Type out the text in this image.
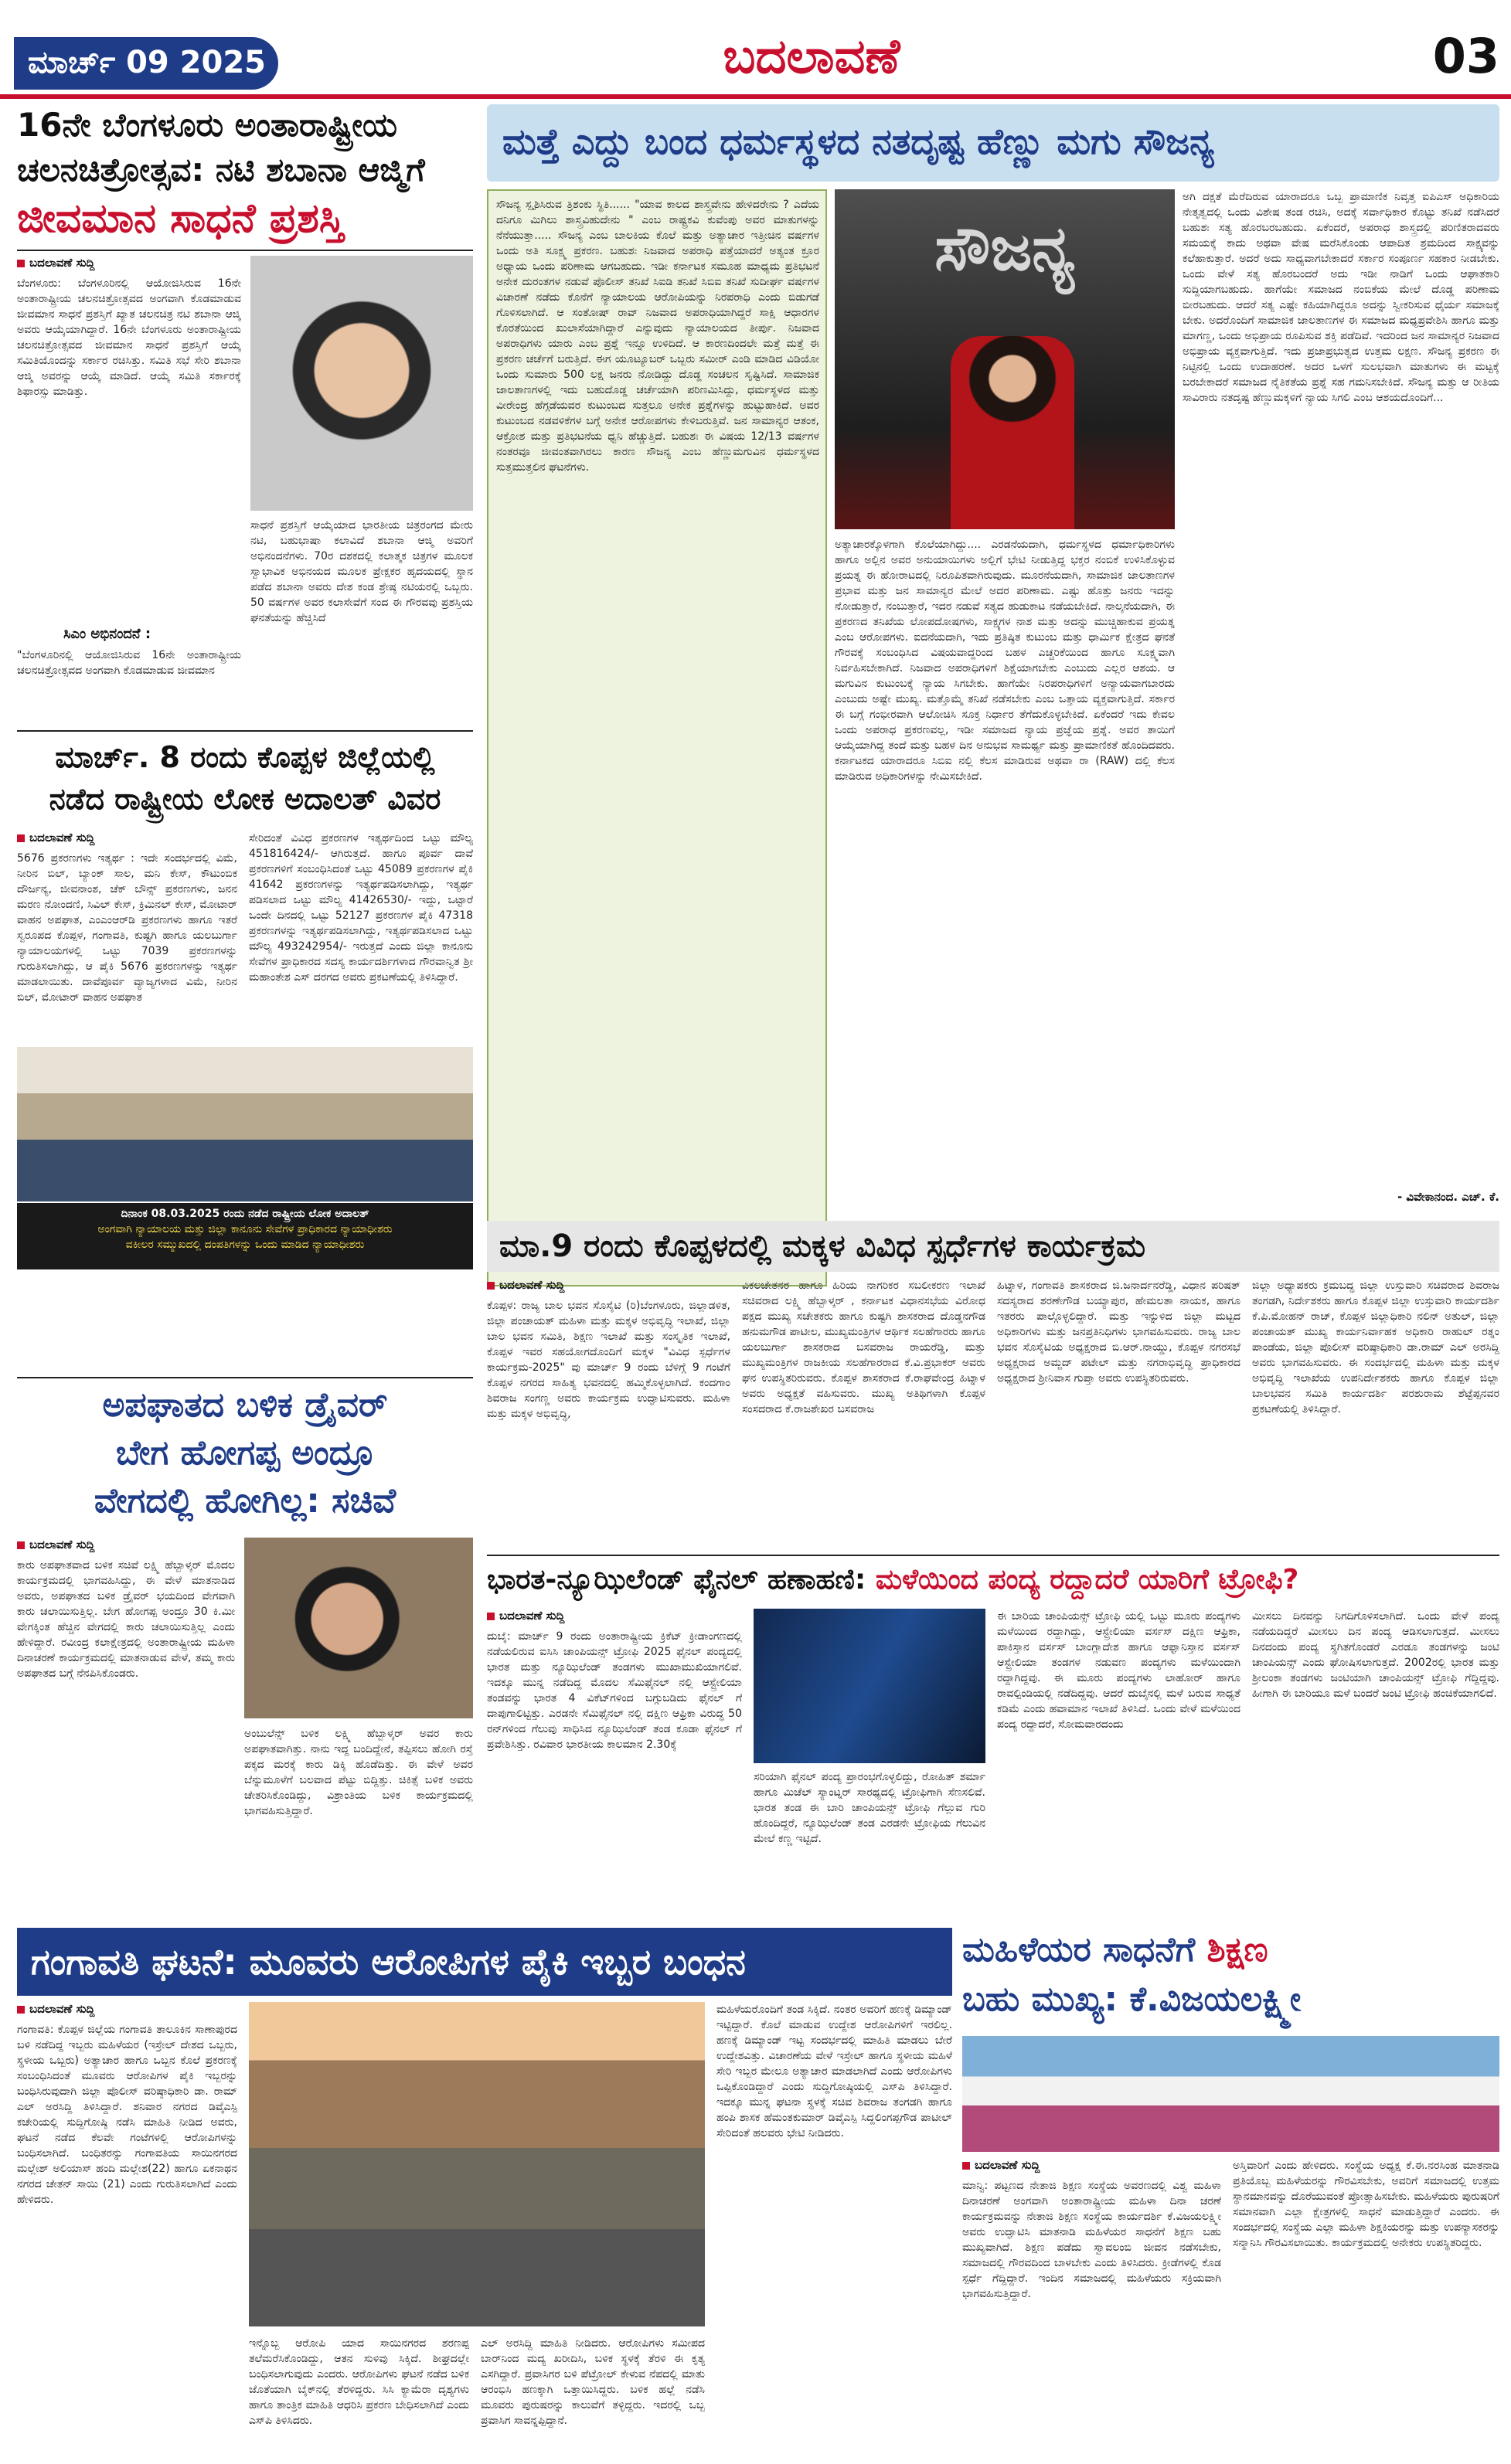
ಮಾರ್ಚ್ 09 2025	ಬದಲಾವಣೆ	03
16ನೇ ಬೆಂಗಳೂರು ಅಂತಾರಾಷ್ಟ್ರೀಯ
ಚಲನಚಿತ್ರೋತ್ಸವ: ನಟಿ ಶಬಾನಾ ಆಜ್ಮಿಗೆ
ಜೀವಮಾನ ಸಾಧನೆ ಪ್ರಶಸ್ತಿ
ಬದಲಾವಣೆ ಸುದ್ದಿ
ಬೆಂಗಳೂರು: ಬೆಂಗಳೂರಿನಲ್ಲಿ ಆಯೋಜಿಸಿರುವ 16ನೇ ಅಂತಾರಾಷ್ಟ್ರೀಯ ಚಲನಚಿತ್ರೋತ್ಸವದ ಅಂಗವಾಗಿ ಕೊಡಮಾಡುವ ಜೀವಮಾನ ಸಾಧನೆ ಪ್ರಶಸ್ತಿಗೆ ಖ್ಯಾತ ಚಲನಚಿತ್ರ ನಟಿ ಶಬಾನಾ ಆಜ್ಮಿ ಅವರು ಆಯ್ಕೆಯಾಗಿದ್ದಾರೆ. 16ನೇ ಬೆಂಗಳೂರು ಅಂತಾರಾಷ್ಟ್ರೀಯ ಚಲನಚಿತ್ರೋತ್ಸವದ ಜೀವಮಾನ ಸಾಧನೆ ಪ್ರಶಸ್ತಿಗೆ ಆಯ್ಕೆ ಸಮಿತಿಯೊಂದನ್ನು ಸರ್ಕಾರ ರಚಿಸಿತ್ತು. ಸಮಿತಿ ಸಭೆ ಸೇರಿ ಶಬಾನಾ ಆಜ್ಮಿ ಅವರನ್ನು ಆಯ್ಕೆ ಮಾಡಿದೆ. ಆಯ್ಕೆ ಸಮಿತಿ ಸರ್ಕಾರಕ್ಕೆ ಶಿಫಾರಸ್ಸು ಮಾಡಿತ್ತು.
ಸಾಧನೆ ಪ್ರಶಸ್ತಿಗೆ ಆಯ್ಕೆಯಾದ ಭಾರತೀಯ ಚಿತ್ರರಂಗದ ಮೇರು ನಟಿ, ಬಹುಭಾಷಾ ಕಲಾವಿದೆ ಶಬಾನಾ ಆಜ್ಮಿ ಅವರಿಗೆ ಅಭಿನಂದನೆಗಳು. 70ರ ದಶಕದಲ್ಲಿ ಕಲಾತ್ಮಕ ಚಿತ್ರಗಳ ಮೂಲಕ ಸ್ವಾಭಾವಿಕ ಅಭಿನಯದ ಮೂಲಕ ಪ್ರೇಕ್ಷಕರ ಹೃದಯದಲ್ಲಿ ಸ್ಥಾನ ಪಡೆದ ಶಬಾನಾ ಅವರು ದೇಶ ಕಂಡ ಶ್ರೇಷ್ಠ ನಟಿಯರಲ್ಲಿ ಒಬ್ಬರು. 50 ವರ್ಷಗಳ ಅವರ ಕಲಾಸೇವೆಗೆ ಸಂದ ಈ ಗೌರವವು ಪ್ರಶಸ್ತಿಯ ಘನತೆಯನ್ನು ಹೆಚ್ಚಿಸಿದೆ
ಸಿಎಂ ಅಭಿನಂದನೆ :
"ಬೆಂಗಳೂರಿನಲ್ಲಿ ಆಯೋಜಿಸಿರುವ 16ನೇ ಅಂತಾರಾಷ್ಟ್ರೀಯ ಚಲನಚಿತ್ರೋತ್ಸವದ ಅಂಗವಾಗಿ ಕೊಡಮಾಡುವ ಜೀವಮಾನ
ಮಾರ್ಚ್. 8 ರಂದು ಕೊಪ್ಪಳ ಜಿಲ್ಲೆಯಲ್ಲಿ
ನಡೆದ ರಾಷ್ಟ್ರೀಯ ಲೋಕ ಅದಾಲತ್ ವಿವರ
ಬದಲಾವಣೆ ಸುದ್ದಿ
5676 ಪ್ರಕರಣಗಳು ಇತ್ಯರ್ಥ : ಇದೇ ಸಂದರ್ಭದಲ್ಲಿ ವಿಮೆ, ನೀರಿನ ಬಿಲ್, ಬ್ಯಾಂಕ್ ಸಾಲ, ಮನಿ ಕೇಸ್, ಕೌಟುಂಬಿಕ ದೌರ್ಜನ್ಯ, ಜೀವನಾಂಶ, ಚೆಕ್ ಬೌನ್ಸ್ ಪ್ರಕರಣಗಳು, ಜನನ ಮರಣ ನೋಂದಣಿ, ಸಿವಿಲ್ ಕೇಸ್, ಕ್ರಿಮಿನಲ್ ಕೇಸ್, ಮೋಟಾರ್ ವಾಹನ ಅಪಘಾತ, ಎಂಎಂಆರ್‌ಡಿ ಪ್ರಕರಣಗಳು ಹಾಗೂ ಇತರೆ ಸ್ವರೂಪದ ಕೊಪ್ಪಳ, ಗಂಗಾವತಿ, ಕುಷ್ಟಗಿ ಹಾಗೂ ಯಲಬುರ್ಗಾ ನ್ಯಾಯಾಲಯಗಳಲ್ಲಿ ಒಟ್ಟು 7039 ಪ್ರಕರಣಗಳನ್ನು ಗುರುತಿಸಲಾಗಿದ್ದು, ಆ ಪೈಕಿ 5676 ಪ್ರಕರಣಗಳನ್ನು ಇತ್ಯರ್ಥ ಮಾಡಲಾಯಿತು. ದಾವೆಪೂರ್ವ ವ್ಯಾಜ್ಯಗಳಾದ ವಿಮೆ, ನೀರಿನ ಬಿಲ್, ಮೋಟಾರ್ ವಾಹನ ಅಪಘಾತ
ಸೇರಿದಂತೆ ವಿವಿಧ ಪ್ರಕರಣಗಳ ಇತ್ಯರ್ಥದಿಂದ ಒಟ್ಟು ಮೌಲ್ಯ 451816424/- ಆಗಿರುತ್ತದೆ. ಹಾಗೂ ಪೂರ್ವ ದಾವೆ ಪ್ರಕರಣಗಳಿಗೆ ಸಂಬಂಧಿಸಿದಂತೆ ಒಟ್ಟು 45089 ಪ್ರಕರಣಗಳ ಪೈಕಿ 41642 ಪ್ರಕರಣಗಳನ್ನು ಇತ್ಯರ್ಥಪಡಿಸಲಾಗಿದ್ದು, ಇತ್ಯರ್ಥ ಪಡಿಸಲಾದ ಒಟ್ಟು ಮೌಲ್ಯ 41426530/- ಇದ್ದು, ಒಟ್ಟಾರೆ ಒಂದೇ ದಿನದಲ್ಲಿ ಒಟ್ಟು 52127 ಪ್ರಕರಣಗಳ ಪೈಕಿ 47318 ಪ್ರಕರಣಗಳನ್ನು ಇತ್ಯರ್ಥಪಡಿಸಲಾಗಿದ್ದು, ಇತ್ಯರ್ಥಪಡಿಸಲಾದ ಒಟ್ಟು ಮೌಲ್ಯ 493242954/- ಇರುತ್ತದೆ ಎಂದು ಜಿಲ್ಲಾ ಕಾನೂನು ಸೇವೆಗಳ ಪ್ರಾಧಿಕಾರದ ಸದಸ್ಯ ಕಾರ್ಯದರ್ಶಿಗಳಾದ ಗೌರವಾನ್ವಿತ ಶ್ರೀ ಮಹಾಂತೇಶ ಎಸ್ ದರಗದ ಅವರು ಪ್ರಕಟಣೆಯಲ್ಲಿ ತಿಳಿಸಿದ್ದಾರೆ.
ದಿನಾಂಕ 08.03.2025 ರಂದು ನಡೆದ ರಾಷ್ಟ್ರೀಯ ಲೋಕ ಅದಾಲತ್
ಅಂಗವಾಗಿ ನ್ಯಾಯಾಲಯ ಮತ್ತು ಜಿಲ್ಲಾ ಕಾನೂನು ಸೇವೆಗಳ ಪ್ರಾಧಿಕಾರದ ನ್ಯಾಯಾಧೀಶರು
ವಕೀಲರ ಸಮ್ಮುಖದಲ್ಲಿ ದಂಪತಿಗಳನ್ನು ಒಂದು ಮಾಡಿದ ನ್ಯಾಯಾಧೀಶರು
ಅಪಘಾತದ ಬಳಿಕ ಡ್ರೈವರ್
ಬೇಗ ಹೋಗಪ್ಪ ಅಂದ್ರೂ
ವೇಗದಲ್ಲಿ ಹೋಗಿಲ್ಲ: ಸಚಿವೆ
ಬದಲಾವಣೆ ಸುದ್ದಿ
ಕಾರು ಅಪಘಾತವಾದ ಬಳಿಕ ಸಚಿವೆ ಲಕ್ಷ್ಮಿ ಹೆಬ್ಬಾಳ್ಕರ್ ಮೊದಲ ಕಾರ್ಯಕ್ರಮದಲ್ಲಿ ಭಾಗವಹಿಸಿದ್ದು, ಈ ವೇಳೆ ಮಾತನಾಡಿದ ಅವರು, ಅಪಘಾತದ ಬಳಿಕ ಡ್ರೈವರ್ ಭಯದಿಂದ ವೇಗವಾಗಿ ಕಾರು ಚಲಾಯಿಸುತ್ತಿಲ್ಲ. ಬೇಗ ಹೋಗಪ್ಪ ಅಂದ್ರೂ 30 ಕಿ.ಮೀ ವೇಗಕ್ಕಿಂತ ಹೆಚ್ಚಿನ ವೇಗದಲ್ಲಿ ಕಾರು ಚಲಾಯಿಸುತ್ತಿಲ್ಲ ಎಂದು ಹೇಳಿದ್ದಾರೆ. ರವೀಂದ್ರ ಕಲಾಕ್ಷೇತ್ರದಲ್ಲಿ ಅಂತಾರಾಷ್ಟ್ರೀಯ ಮಹಿಳಾ ದಿನಾಚರಣೆ ಕಾರ್ಯಕ್ರಮದಲ್ಲಿ ಮಾತನಾಡುವ ವೇಳೆ, ತಮ್ಮ ಕಾರು ಅಪಘಾತದ ಬಗ್ಗೆ ನೆನಪಿಸಿಕೊಂಡರು.
ಅಂಬುಲೆನ್ಸ್ ಬಳಿಕ ಲಕ್ಷ್ಮಿ ಹೆಬ್ಬಾಳ್ಕರ್ ಅವರ ಕಾರು ಅಪಘಾತವಾಗಿತ್ತು. ನಾನು ಇದ್ದ ಬಂದಿದ್ದೇನೆ, ತಪ್ಪಿಸಲು ಹೋಗಿ ರಸ್ತೆ ಪಕ್ಕದ ಮರಕ್ಕೆ ಕಾರು ಡಿಕ್ಕಿ ಹೊಡೆದಿತ್ತು. ಈ ವೇಳೆ ಅವರ ಬೆನ್ನುಮೂಳೆಗೆ ಬಲವಾದ ಪೆಟ್ಟು ಬಿದ್ದಿತ್ತು. ಚಿಕಿತ್ಸೆ ಬಳಿಕ ಅವರು ಚೇತರಿಸಿಕೊಂಡಿದ್ದು, ವಿಶ್ರಾಂತಿಯ ಬಳಿಕ ಕಾರ್ಯಕ್ರಮದಲ್ಲಿ ಭಾಗವಹಿಸುತ್ತಿದ್ದಾರೆ.
ಮತ್ತೆ ಎದ್ದು ಬಂದ ಧರ್ಮಸ್ಥಳದ ನತದೃಷ್ಟ ಹೆಣ್ಣು ಮಗು ಸೌಜನ್ಯ
ಸೌಜನ್ಯ ಸ್ಪೃಶಿಸಿರುವ ತ್ರಿಶಂಕು ಸ್ಥಿತಿ...... "ಯಾವ ಕಾಲದ ಶಾಸ್ತ್ರವೇನು ಹೇಳಿದರೇನು ? ಎದೆಯ ದನಿಗೂ ಮಿಗಿಲು ಶಾಸ್ತ್ರವಿಹುದೇನು " ಎಂಬ ರಾಷ್ಟ್ರಕವಿ ಕುವೆಂಪು ಅವರ ಮಾತುಗಳನ್ನು ನೆನೆಯುತ್ತಾ..... ಸೌಜನ್ಯ ಎಂಬ ಬಾಲಕಿಯ ಕೊಲೆ ಮತ್ತು ಅತ್ಯಾಚಾರ ಇತ್ತೀಚಿನ ವರ್ಷಗಳ ಒಂದು ಅತಿ ಸೂಕ್ಷ್ಮ ಪ್ರಕರಣ. ಬಹುಶಃ ನಿಜವಾದ ಅಪರಾಧಿ ಪತ್ತೆಯಾದರೆ ಅತ್ಯಂತ ಕ್ರೂರ ಅಧ್ಯಾಯ ಒಂದು ಪರಿಣಾಮ ಆಗಬಹುದು. ಇಡೀ ಕರ್ನಾಟಕ ಸಮೂಹ ಮಾಧ್ಯಮ ಪ್ರತಿಭಟನೆ ಅನೇಕ ದುರಂತಗಳ ನಡುವೆ ಪೊಲೀಸ್ ತನಿಖೆ ಸಿಐಡಿ ತನಿಖೆ ಸಿಬಿಐ ತನಿಖೆ ಸುದೀರ್ಘ ವರ್ಷಗಳ ವಿಚಾರಣೆ ನಡೆದು ಕೊನೆಗೆ ನ್ಯಾಯಾಲಯ ಆರೋಪಿಯನ್ನು ನಿರಪರಾಧಿ ಎಂದು ಬಿಡುಗಡೆ ಗೊಳಿಸಲಾಗಿದೆ. ಆ ಸಂತೋಷ್ ರಾವ್ ನಿಜವಾದ ಅಪರಾಧಿಯಾಗಿದ್ದರೆ ಸಾಕ್ಷಿ ಆಧಾರಗಳ ಕೊರತೆಯಿಂದ ಖುಲಾಸೆಯಾಗಿದ್ದಾರೆ ಎನ್ನುವುದು ನ್ಯಾಯಾಲಯದ ತೀರ್ಪು. ನಿಜವಾದ ಅಪರಾಧಿಗಳು ಯಾರು ಎಂಬ ಪ್ರಶ್ನೆ ಇನ್ನೂ ಉಳಿದಿದೆ. ಆ ಕಾರಣದಿಂದಲೇ ಮತ್ತೆ ಮತ್ತೆ ಈ ಪ್ರಕರಣ ಚರ್ಚೆಗೆ ಬರುತ್ತಿದೆ. ಈಗ ಯೂಟ್ಯೂಬರ್ ಒಬ್ಬರು ಸಮೀರ್ ಎಂಡಿ ಮಾಡಿದ ವಿಡಿಯೋ ಒಂದು ಸುಮಾರು 500 ಲಕ್ಷ ಜನರು ನೋಡಿದ್ದು ದೊಡ್ಡ ಸಂಚಲನ ಸೃಷ್ಟಿಸಿದೆ. ಸಾಮಾಜಿಕ ಜಾಲತಾಣಗಳಲ್ಲಿ ಇದು ಬಹುದೊಡ್ಡ ಚರ್ಚೆಯಾಗಿ ಪರಿಣಮಿಸಿದ್ದು, ಧರ್ಮಸ್ಥಳದ ಮತ್ತು ವೀರೇಂದ್ರ ಹೆಗ್ಗಡೆಯವರ ಕುಟುಂಬದ ಸುತ್ತಲೂ ಅನೇಕ ಪ್ರಶ್ನೆಗಳನ್ನು ಹುಟ್ಟುಹಾಕಿದೆ. ಅವರ ಕುಟುಂಬದ ನಡವಳಿಕೆಗಳ ಬಗ್ಗೆ ಅನೇಕ ಆರೋಪಗಳು ಕೇಳಿಬರುತ್ತಿವೆ. ಜನ ಸಾಮಾನ್ಯರ ಆತಂಕ, ಆಕ್ರೋಶ ಮತ್ತು ಪ್ರತಿಭಟನೆಯ ಧ್ವನಿ ಹೆಚ್ಚುತ್ತಿದೆ. ಬಹುಶಃ ಈ ವಿಷಯ 12/13 ವರ್ಷಗಳ ನಂತರವೂ ಜೀವಂತವಾಗಿರಲು ಕಾರಣ ಸೌಜನ್ಯ ಎಂಬ ಹೆಣ್ಣುಮಗುವಿನ ಧರ್ಮಸ್ಥಳದ ಸುತ್ತಮುತ್ತಲಿನ ಘಟನೆಗಳು.
ಸೌಜನ್ಯ
ಅತ್ಯಾಚಾರಕ್ಕೊಳಗಾಗಿ ಕೊಲೆಯಾಗಿದ್ದು.... ಎರಡನೆಯದಾಗಿ, ಧರ್ಮಸ್ಥಳದ ಧರ್ಮಾಧಿಕಾರಿಗಳು ಹಾಗೂ ಅಲ್ಲಿನ ಅವರ ಅನುಯಾಯಿಗಳು ಅಲ್ಲಿಗೆ ಭೇಟಿ ನೀಡುತ್ತಿದ್ದ ಭಕ್ತರ ನಂಬಿಕೆ ಉಳಿಸಿಕೊಳ್ಳುವ ಪ್ರಯತ್ನ ಈ ಹೋರಾಟದಲ್ಲಿ ನಿರೂಪಿತವಾಗಿರುವುದು. ಮೂರನೆಯದಾಗಿ, ಸಾಮಾಜಿಕ ಜಾಲತಾಣಗಳ ಪ್ರಭಾವ ಮತ್ತು ಜನ ಸಾಮಾನ್ಯರ ಮೇಲೆ ಅದರ ಪರಿಣಾಮ. ಎಷ್ಟು ಹೊತ್ತು ಜನರು ಇದನ್ನು ನೋಡುತ್ತಾರೆ, ನಂಬುತ್ತಾರೆ, ಇದರ ನಡುವೆ ಸತ್ಯದ ಹುಡುಕಾಟ ನಡೆಯಬೇಕಿದೆ. ನಾಲ್ಕನೆಯದಾಗಿ, ಈ ಪ್ರಕರಣದ ತನಿಖೆಯ ಲೋಪದೋಷಗಳು, ಸಾಕ್ಷ್ಯಗಳ ನಾಶ ಮತ್ತು ಅದನ್ನು ಮುಚ್ಚಿಹಾಕುವ ಪ್ರಯತ್ನ ಎಂಬ ಆರೋಪಗಳು. ಐದನೆಯದಾಗಿ, ಇದು ಪ್ರತಿಷ್ಠಿತ ಕುಟುಂಬ ಮತ್ತು ಧಾರ್ಮಿಕ ಕ್ಷೇತ್ರದ ಘನತೆ ಗೌರವಕ್ಕೆ ಸಂಬಂಧಿಸಿದ ವಿಷಯವಾದ್ದರಿಂದ ಬಹಳ ಎಚ್ಚರಿಕೆಯಿಂದ ಹಾಗೂ ಸೂಕ್ಷ್ಮವಾಗಿ ನಿರ್ವಹಿಸಬೇಕಾಗಿದೆ. ನಿಜವಾದ ಅಪರಾಧಿಗಳಿಗೆ ಶಿಕ್ಷೆಯಾಗಬೇಕು ಎಂಬುದು ಎಲ್ಲರ ಆಶಯ. ಆ ಮಗುವಿನ ಕುಟುಂಬಕ್ಕೆ ನ್ಯಾಯ ಸಿಗಬೇಕು. ಹಾಗೆಯೇ ನಿರಪರಾಧಿಗಳಿಗೆ ಅನ್ಯಾಯವಾಗಬಾರದು ಎಂಬುದು ಅಷ್ಟೇ ಮುಖ್ಯ. ಮತ್ತೊಮ್ಮೆ ತನಿಖೆ ನಡೆಸಬೇಕು ಎಂಬ ಒತ್ತಾಯ ವ್ಯಕ್ತವಾಗುತ್ತಿದೆ. ಸರ್ಕಾರ ಈ ಬಗ್ಗೆ ಗಂಭೀರವಾಗಿ ಆಲೋಚಿಸಿ ಸೂಕ್ತ ನಿರ್ಧಾರ ತೆಗೆದುಕೊಳ್ಳಬೇಕಿದೆ. ಏಕೆಂದರೆ ಇದು ಕೇವಲ ಒಂದು ಅಪರಾಧ ಪ್ರಕರಣವಲ್ಲ, ಇಡೀ ಸಮಾಜದ ನ್ಯಾಯ ಪ್ರಜ್ಞೆಯ ಪ್ರಶ್ನೆ. ಅವರ ತಾಯಿಗೆ ಆಯ್ಕೆಯಾಗಿದ್ದ ತಂದೆ ಮತ್ತು ಬಹಳ ದಿನ ಅನುಭವ ಸಾಮರ್ಥ್ಯ ಮತ್ತು ಪ್ರಾಮಾಣಿಕತೆ ಹೊಂದಿದವರು. ಕರ್ನಾಟಕದ ಯಾರಾದರೂ ಸಿಬಿಐ ನಲ್ಲಿ ಕೆಲಸ ಮಾಡಿರುವ ಅಥವಾ ರಾ (RAW) ದಲ್ಲಿ ಕೆಲಸ ಮಾಡಿರುವ ಅಧಿಕಾರಿಗಳನ್ನು ನೇಮಿಸಬೇಕಿದೆ.
ಅಗಿ ದಕ್ಷತೆ ಮೆರೆದಿರುವ ಯಾರಾದರೂ ಒಬ್ಬ ಪ್ರಾಮಾಣಿಕ ನಿವೃತ್ತ ಐಪಿಎಸ್ ಅಧಿಕಾರಿಯ ನೇತೃತ್ವದಲ್ಲಿ ಒಂದು ವಿಶೇಷ ತಂಡ ರಚಿಸಿ, ಅದಕ್ಕೆ ಸರ್ವಾಧಿಕಾರ ಕೊಟ್ಟು ತನಿಖೆ ನಡೆಸಿದರೆ ಬಹುಶಃ ಸತ್ಯ ಹೊರಬರಬಹುದು. ಏಕೆಂದರೆ, ಅಪರಾಧ ಶಾಸ್ತ್ರದಲ್ಲಿ ಪರಿಣಿತರಾದವರು ಸಮಯಕ್ಕೆ ಕಾದು ಅಥವಾ ವೇಷ ಮರೆಸಿಕೊಂಡು ಆಪಾದಿತ ಶ್ರಮದಿಂದ ಸಾಕ್ಷ್ಯವನ್ನು ಕಲೆಹಾಕುತ್ತಾರೆ. ಅದರೆ ಅದು ಸಾಧ್ಯವಾಗಬೇಕಾದರೆ ಸರ್ಕಾರ ಸಂಪೂರ್ಣ ಸಹಕಾರ ನೀಡಬೇಕು. ಒಂದು ವೇಳೆ ಸತ್ಯ ಹೊರಬಂದರೆ ಅದು ಇಡೀ ನಾಡಿಗೆ ಒಂದು ಆಘಾತಕಾರಿ ಸುದ್ದಿಯಾಗಬಹುದು. ಹಾಗೆಯೇ ಸಮಾಜದ ನಂಬಿಕೆಯ ಮೇಲೆ ದೊಡ್ಡ ಪರಿಣಾಮ ಬೀರಬಹುದು. ಆದರೆ ಸತ್ಯ ಎಷ್ಟೇ ಕಹಿಯಾಗಿದ್ದರೂ ಅದನ್ನು ಸ್ವೀಕರಿಸುವ ಧೈರ್ಯ ಸಮಾಜಕ್ಕೆ ಬೇಕು. ಅದರೊಂದಿಗೆ ಸಾಮಾಜಿಕ ಜಾಲತಾಣಗಳ ಈ ಸಮಾಜದ ಮಧ್ಯಪ್ರವೇಶಿಸಿ ಹಾಗೂ ಮತ್ತು ಮಾಗಣ್ಣ, ಒಂದು ಅಭಿಪ್ರಾಯ ರೂಪಿಸುವ ಶಕ್ತಿ ಪಡೆದಿವೆ. ಇದರಿಂದ ಜನ ಸಾಮಾನ್ಯರ ನಿಜವಾದ ಅಭಿಪ್ರಾಯ ವ್ಯಕ್ತವಾಗುತ್ತಿದೆ. ಇದು ಪ್ರಜಾಪ್ರಭುತ್ವದ ಉತ್ತಮ ಲಕ್ಷಣ. ಸೌಜನ್ಯ ಪ್ರಕರಣ ಈ ನಿಟ್ಟಿನಲ್ಲಿ ಒಂದು ಉದಾಹರಣೆ. ಅದರ ಒಳಗೆ ಸುಲಭವಾಗಿ ಮಾತುಗಳು ಈ ಮಟ್ಟಕ್ಕೆ ಬರಬೇಕಾದರೆ ಸಮಾಜದ ನೈತಿಕತೆಯ ಪ್ರಶ್ನೆ ಸಹ ಗಮನಿಸಬೇಕಿದೆ. ಸೌಜನ್ಯ ಮತ್ತು ಆ ರೀತಿಯ ಸಾವಿರಾರು ನತದೃಷ್ಟ ಹೆಣ್ಣುಮಕ್ಕಳಿಗೆ ನ್ಯಾಯ ಸಿಗಲಿ ಎಂಬ ಆಶಯದೊಂದಿಗೆ...
- ವಿವೇಕಾನಂದ. ಎಚ್. ಕೆ.
ಮಾ.9 ರಂದು ಕೊಪ್ಪಳದಲ್ಲಿ ಮಕ್ಕಳ ವಿವಿಧ ಸ್ಪರ್ಧೆಗಳ ಕಾರ್ಯಕ್ರಮ
ಬದಲಾವಣೆ ಸುದ್ದಿ
ಕೊಪ್ಪಳ: ರಾಜ್ಯ ಬಾಲ ಭವನ ಸೊಸೈಟಿ (ರಿ)ಬೆಂಗಳೂರು, ಜಿಲ್ಲಾಡಳಿತ, ಜಿಲ್ಲಾ ಪಂಚಾಯತ್ ಮಹಿಳಾ ಮತ್ತು ಮಕ್ಕಳ ಅಭಿವೃದ್ಧಿ ಇಲಾಖೆ, ಜಿಲ್ಲಾ ಬಾಲ ಭವನ ಸಮಿತಿ, ಶಿಕ್ಷಣ ಇಲಾಖೆ ಮತ್ತು ಸಂಸ್ಕೃತಿಕ ಇಲಾಖೆ, ಕೊಪ್ಪಳ ಇವರ ಸಹಯೋಗದೊಂದಿಗೆ ಮಕ್ಕಳ "ವಿವಿಧ ಸ್ಪರ್ಧೆಗಳ ಕಾರ್ಯಕ್ರಮ-2025" ವು ಮಾರ್ಚ್ 9 ರಂದು ಬೆಳಿಗ್ಗೆ 9 ಗಂಟೆಗೆ ಕೊಪ್ಪಳ ನಗರದ ಸಾಹಿತ್ಯ ಭವನದಲ್ಲಿ ಹಮ್ಮಿಕೊಳ್ಳಲಾಗಿದೆ. ಕಂದಗಾಂ ಶಿವರಾಜ ಸಂಗಣ್ಣ ಅವರು ಕಾರ್ಯಕ್ರಮ ಉದ್ಘಾಟಿಸುವರು. ಮಹಿಳಾ ಮತ್ತು ಮಕ್ಕಳ ಅಭಿವೃದ್ಧಿ,
ವಿಕಲಚೇತನರ ಹಾಗೂ ಹಿರಿಯ ನಾಗರಿಕರ ಸಬಲೀಕರಣ ಇಲಾಖೆ ಸಚಿವರಾದ ಲಕ್ಷ್ಮಿ ಹೆಬ್ಬಾಳ್ಕರ್ , ಕರ್ನಾಟಕ ವಿಧಾನಸಭೆಯ ವಿರೋಧ ಪಕ್ಷದ ಮುಖ್ಯ ಸಚೇತಕರು ಹಾಗೂ ಕುಷ್ಟಗಿ ಶಾಸಕರಾದ ದೊಡ್ಡನಗೌಡ ಹನುಮಗೌಡ ಪಾಟೀಲ, ಮುಖ್ಯಮಂತ್ರಿಗಳ ಆರ್ಥಿಕ ಸಲಹೆಗಾರರು ಹಾಗೂ ಯಲಬುರ್ಗಾ ಶಾಸಕರಾದ ಬಸವರಾಜ ರಾಯರೆಡ್ಡಿ, ಮತ್ತು ಮುಖ್ಯಮಂತ್ರಿಗಳ ರಾಜಕೀಯ ಸಲಹೆಗಾರರಾದ ಕೆ.ವಿ.ಪ್ರಭಾಕರ್ ಅವರು ಘನ ಉಪಸ್ಥಿತರಿರುವರು. ಕೊಪ್ಪಳ ಶಾಸಕರಾದ ಕೆ.ರಾಘವೇಂದ್ರ ಹಿಟ್ನಾಳ ಅವರು ಅಧ್ಯಕ್ಷತೆ ವಹಿಸುವರು. ಮುಖ್ಯ ಅತಿಥಿಗಳಾಗಿ ಕೊಪ್ಪಳ ಸಂಸದರಾದ ಕೆ.ರಾಜಶೇಖರ ಬಸವರಾಜ
ಹಿಟ್ನಾಳ, ಗಂಗಾವತಿ ಶಾಸಕರಾದ ಜಿ.ಜನಾರ್ದನರೆಡ್ಡಿ, ವಿಧಾನ ಪರಿಷತ್ ಸದಸ್ಯರಾದ ಶರಣೇಗೌಡ ಬಯ್ಯಾಪುರ, ಹೇಮಲತಾ ನಾಯಕ, ಹಾಗೂ ಇತರರು ಪಾಲ್ಗೊಳ್ಳಲಿದ್ದಾರೆ. ಮತ್ತು ಇನ್ನುಳಿದ ಜಿಲ್ಲಾ ಮಟ್ಟದ ಅಧಿಕಾರಿಗಳು ಮತ್ತು ಜನಪ್ರತಿನಿಧಿಗಳು ಭಾಗವಹಿಸುವರು. ರಾಜ್ಯ ಬಾಲ ಭವನ ಸೊಸೈಟಿಯ ಅಧ್ಯಕ್ಷರಾದ ಬಿ.ಆರ್.ನಾಯ್ಡು, ಕೊಪ್ಪಳ ನಗರಸಭೆ ಅಧ್ಯಕ್ಷರಾದ ಅಮ್ಜದ್ ಪಟೇಲ್ ಮತ್ತು ನಗರಾಭಿವೃದ್ಧಿ ಪ್ರಾಧಿಕಾರದ ಅಧ್ಯಕ್ಷರಾದ ಶ್ರೀನಿವಾಸ ಗುಪ್ತಾ ಅವರು ಉಪಸ್ಥಿತರಿರುವರು.
ಜಿಲ್ಲಾ ಅಧ್ಯಾಪಕರು ಕ್ರಮಬದ್ಧ ಜಿಲ್ಲಾ ಉಸ್ತುವಾರಿ ಸಚಿವರಾದ ಶಿವರಾಜ ತಂಗಡಗಿ, ನಿರ್ದೇಶಕರು ಹಾಗೂ ಕೊಪ್ಪಳ ಜಿಲ್ಲಾ ಉಸ್ತುವಾರಿ ಕಾರ್ಯದರ್ಶಿ ಕೆ.ಪಿ.ಮೋಹನ್ ರಾಜ್, ಕೊಪ್ಪಳ ಜಿಲ್ಲಾಧಿಕಾರಿ ನಲಿನ್ ಅತುಲ್, ಜಿಲ್ಲಾ ಪಂಚಾಯತ್ ಮುಖ್ಯ ಕಾರ್ಯನಿರ್ವಾಹಕ ಅಧಿಕಾರಿ ರಾಹುಲ್ ರತ್ನಂ ಪಾಂಡೆಯ, ಜಿಲ್ಲಾ ಪೊಲೀಸ್ ವರಿಷ್ಠಾಧಿಕಾರಿ ಡಾ.ರಾಮ್ ಎಲ್ ಅರಸಿದ್ದಿ ಅವರು ಭಾಗವಹಿಸುವರು. ಈ ಸಂದರ್ಭದಲ್ಲಿ ಮಹಿಳಾ ಮತ್ತು ಮಕ್ಕಳ ಅಭಿವೃದ್ಧಿ ಇಲಾಖೆಯ ಉಪನಿರ್ದೇಶಕರು ಹಾಗೂ ಕೊಪ್ಪಳ ಜಿಲ್ಲಾ ಬಾಲಭವನ ಸಮಿತಿ ಕಾರ್ಯದರ್ಶಿ ಪರಶುರಾಮ ಶೆಟ್ಟೆಪ್ಪನವರ ಪ್ರಕಟಣೆಯಲ್ಲಿ ತಿಳಿಸಿದ್ದಾರೆ.
ಭಾರತ-ನ್ಯೂಝಿಲೆಂಡ್ ಫೈನಲ್ ಹಣಾಹಣಿ: ಮಳೆಯಿಂದ ಪಂದ್ಯ ರದ್ದಾದರೆ ಯಾರಿಗೆ ಟ್ರೋಫಿ?
ಬದಲಾವಣೆ ಸುದ್ದಿ
ದುಬೈ: ಮಾರ್ಚ್ 9 ರಂದು ಅಂತಾರಾಷ್ಟ್ರೀಯ ಕ್ರಿಕೆಟ್ ಕ್ರೀಡಾಂಗಣದಲ್ಲಿ ನಡೆಯಲಿರುವ ಐಸಿಸಿ ಚಾಂಪಿಯನ್ಸ್ ಟ್ರೋಫಿ 2025 ಫೈನಲ್ ಪಂದ್ಯದಲ್ಲಿ ಭಾರತ ಮತ್ತು ನ್ಯೂಝಿಲೆಂಡ್ ತಂಡಗಳು ಮುಖಾಮುಖಿಯಾಗಲಿವೆ. ಇದಕ್ಕೂ ಮುನ್ನ ನಡೆದಿದ್ದ ಮೊದಲ ಸೆಮಿಫೈನಲ್ ನಲ್ಲಿ ಆಸ್ಟ್ರೇಲಿಯಾ ತಂಡವನ್ನು ಭಾರತ 4 ವಿಕೆಟ್‌ಗಳಿಂದ ಬಗ್ಗುಬಡಿದು ಫೈನಲ್ ಗೆ ದಾಪುಗಾಲಿಟ್ಟಿತ್ತು. ಎರಡನೇ ಸೆಮಿಫೈನಲ್ ನಲ್ಲಿ ದಕ್ಷಿಣ ಆಫ್ರಿಕಾ ವಿರುದ್ಧ 50 ರನ್‌ಗಳಿಂದ ಗೆಲುವು ಸಾಧಿಸಿದ ನ್ಯೂಝಿಲೆಂಡ್ ತಂಡ ಕೂಡಾ ಫೈನಲ್ ಗೆ ಪ್ರವೇಶಿಸಿತ್ತು. ರವಿವಾರ ಭಾರತೀಯ ಕಾಲಮಾನ 2.30ಕ್ಕೆ
ಸರಿಯಾಗಿ ಫೈನಲ್ ಪಂದ್ಯ ಪ್ರಾರಂಭಗೊಳ್ಳಲಿದ್ದು, ರೋಹಿತ್ ಶರ್ಮಾ ಹಾಗೂ ಮಿಚೆಲ್ ಸ್ಯಾಂಟ್ನರ್ ಸಾರಥ್ಯದಲ್ಲಿ ಟ್ರೋಫಿಗಾಗಿ ಸೆಣಸಲಿವೆ. ಭಾರತ ತಂಡ ಈ ಬಾರಿ ಚಾಂಪಿಯನ್ಸ್ ಟ್ರೋಫಿ ಗೆಲ್ಲುವ ಗುರಿ ಹೊಂದಿದ್ದರೆ, ನ್ಯೂಝಿಲೆಂಡ್ ತಂಡ ಎರಡನೇ ಟ್ರೋಫಿಯ ಗೆಲುವಿನ ಮೇಲೆ ಕಣ್ಣ ಇಟ್ಟಿದೆ.
ಈ ಬಾರಿಯ ಚಾಂಪಿಯನ್ಸ್ ಟ್ರೋಫಿ ಯಲ್ಲಿ ಒಟ್ಟು ಮೂರು ಪಂದ್ಯಗಳು ಮಳೆಯಿಂದ ರದ್ದಾಗಿದ್ದು, ಆಸ್ಟ್ರೇಲಿಯಾ ವರ್ಸಸ್ ದಕ್ಷಿಣ ಆಫ್ರಿಕಾ, ಪಾಕಿಸ್ತಾನ ವರ್ಸಸ್ ಬಾಂಗ್ಲಾದೇಶ ಹಾಗೂ ಆಫ್ಘಾನಿಸ್ತಾನ ವರ್ಸಸ್ ಆಸ್ಟ್ರೇಲಿಯಾ ತಂಡಗಳ ನಡುವಣ ಪಂದ್ಯಗಳು ಮಳೆಯಿಂದಾಗಿ ರದ್ದಾಗಿದ್ದವು. ಈ ಮೂರು ಪಂದ್ಯಗಳು ಲಾಹೋರ್ ಹಾಗೂ ರಾವಲ್ಪಿಂಡಿಯಲ್ಲಿ ನಡೆದಿದ್ದವು. ಆದರೆ ದುಬೈನಲ್ಲಿ ಮಳೆ ಬರುವ ಸಾಧ್ಯತೆ ಕಡಿಮೆ ಎಂದು ಹವಾಮಾನ ಇಲಾಖೆ ತಿಳಿಸಿದೆ. ಒಂದು ವೇಳೆ ಮಳೆಯಿಂದ ಪಂದ್ಯ ರದ್ದಾದರೆ, ಸೋಮವಾರದಂದು
ಮೀಸಲು ದಿನವನ್ನು ನಿಗದಿಗೊಳಿಸಲಾಗಿದೆ. ಒಂದು ವೇಳೆ ಪಂದ್ಯ ನಡೆಯದಿದ್ದರೆ ಮೀಸಲು ದಿನ ಪಂದ್ಯ ಆಡಿಸಲಾಗುತ್ತದೆ. ಮೀಸಲು ದಿನದಂದು ಪಂದ್ಯ ಸ್ಥಗಿತಗೊಂಡರೆ ಎರಡೂ ತಂಡಗಳನ್ನು ಜಂಟಿ ಚಾಂಪಿಯನ್ಸ್ ಎಂದು ಘೋಷಿಸಲಾಗುತ್ತದೆ. 2002ರಲ್ಲಿ ಭಾರತ ಮತ್ತು ಶ್ರೀಲಂಕಾ ತಂಡಗಳು ಜಂಟಿಯಾಗಿ ಚಾಂಪಿಯನ್ಸ್ ಟ್ರೋಫಿ ಗೆದ್ದಿದ್ದವು. ಹೀಗಾಗಿ ಈ ಬಾರಿಯೂ ಮಳೆ ಬಂದರೆ ಜಂಟಿ ಟ್ರೋಫಿ ಹಂಚಿಕೆಯಾಗಲಿದೆ.
ಗಂಗಾವತಿ ಘಟನೆ: ಮೂವರು ಆರೋಪಿಗಳ ಪೈಕಿ ಇಬ್ಬರ ಬಂಧನ
ಬದಲಾವಣೆ ಸುದ್ದಿ
ಗಂಗಾವತಿ: ಕೊಪ್ಪಳ ಜಿಲ್ಲೆಯ ಗಂಗಾವತಿ ತಾಲೂಕಿನ ಸಾಣಾಪುರದ ಬಳಿ ನಡೆದಿದ್ದ ಇಬ್ಬರು ಮಹಿಳೆಯರ (ಇಸ್ರೇಲ್ ದೇಶದ ಒಬ್ಬರು, ಸ್ಥಳೀಯ ಒಬ್ಬರು) ಅತ್ಯಾಚಾರ ಹಾಗೂ ಒಬ್ಬನ ಕೊಲೆ ಪ್ರಕರಣಕ್ಕೆ ಸಂಬಂಧಿಸಿದಂತೆ ಮೂವರು ಆರೋಪಿಗಳ ಪೈಕಿ ಇಬ್ಬರನ್ನು ಬಂಧಿಸಿರುವುದಾಗಿ ಜಿಲ್ಲಾ ಪೊಲೀಸ್ ವರಿಷ್ಠಾಧಿಕಾರಿ ಡಾ. ರಾಮ್ ಎಲ್ ಅರಸಿದ್ದಿ ತಿಳಿಸಿದ್ದಾರೆ. ಶನಿವಾರ ನಗರದ ಡಿವೈಎಸ್ಪಿ ಕಚೇರಿಯಲ್ಲಿ ಸುದ್ದಿಗೋಷ್ಠಿ ನಡೆಸಿ ಮಾಹಿತಿ ನೀಡಿದ ಅವರು, ಘಟನೆ ನಡೆದ ಕೆಲವೇ ಗಂಟೆಗಳಲ್ಲಿ ಆರೋಪಿಗಳನ್ನು ಬಂಧಿಸಲಾಗಿದೆ. ಬಂಧಿತರನ್ನು ಗಂಗಾವತಿಯ ಸಾಯಿನಗರದ ಮಲ್ಲೇಶ್ ಅಲಿಯಾಸ್ ಹಂದಿ ಮಲ್ಲೇಶ(22) ಹಾಗೂ ಏಕನಾಥನ ನಗರದ ಚೇತನ್ ಸಾಯಿ (21) ಎಂದು ಗುರುತಿಸಲಾಗಿದೆ ಎಂದು ಹೇಳಿದರು.
ಇನ್ನೊಬ್ಬ ಆರೋಪಿ ಯಾದ ಸಾಯಿನಗರದ ಶರಣಪ್ಪ ತಲೆಮರೆಸಿಕೊಂಡಿದ್ದು, ಆತನ ಸುಳಿವು ಸಿಕ್ಕಿದೆ. ಶೀಘ್ರದಲ್ಲೇ ಬಂಧಿಸಲಾಗುವುದು ಎಂದರು. ಆರೋಪಿಗಳು ಘಟನೆ ನಡೆದ ಬಳಿಕ ಜೊತೆಯಾಗಿ ಬೈಕ್‌ನಲ್ಲಿ ತೆರಳಿದ್ದರು. ಸಿಸಿ ಕ್ಯಾಮೆರಾ ದೃಶ್ಯಗಳು ಹಾಗೂ ತಾಂತ್ರಿಕ ಮಾಹಿತಿ ಆಧರಿಸಿ ಪ್ರಕರಣ ಬೇಧಿಸಲಾಗಿದೆ ಎಂದು ಎಸ್‌ಪಿ ತಿಳಿಸಿದರು.
ಎಲ್ ಅರಸಿದ್ದಿ ಮಾಹಿತಿ ನೀಡಿದರು. ಆರೋಪಿಗಳು ಸಮೀಪದ ಬಾರ್‌ನಿಂದ ಮದ್ಯ ಖರೀದಿಸಿ, ಬಳಿಕ ಸ್ಥಳಕ್ಕೆ ತೆರಳಿ ಈ ಕೃತ್ಯ ಎಸಗಿದ್ದಾರೆ. ಪ್ರವಾಸಿಗರ ಬಳಿ ಪೆಟ್ರೋಲ್ ಕೇಳುವ ನೆಪದಲ್ಲಿ ಮಾತು ಆರಂಭಿಸಿ ಹಣಕ್ಕಾಗಿ ಒತ್ತಾಯಿಸಿದ್ದರು. ಬಳಿಕ ಹಲ್ಲೆ ನಡೆಸಿ ಮೂವರು ಪುರುಷರನ್ನು ಕಾಲುವೆಗೆ ತಳ್ಳಿದ್ದರು. ಇದರಲ್ಲಿ ಒಬ್ಬ ಪ್ರವಾಸಿಗ ಸಾವನ್ನಪ್ಪಿದ್ದಾನೆ.
ಮಹಿಳೆಯರೊಂದಿಗೆ ತಂಡ ಸಿಕ್ಕಿದೆ. ನಂತರ ಅವರಿಗೆ ಹಣಕ್ಕೆ ಡಿಮ್ಯಾಂಡ್ ಇಟ್ಟಿದ್ದಾರೆ. ಕೊಲೆ ಮಾಡುವ ಉದ್ದೇಶ ಆರೋಪಿಗಳಿಗೆ ಇರಲಿಲ್ಲ. ಹಣಕ್ಕೆ ಡಿಮ್ಯಾಂಡ್ ಇಟ್ಟ ಸಂದರ್ಭದಲ್ಲಿ ಮಾಹಿತಿ ಮಾಡಲು ಬೇರೆ ಉದ್ದೇಶವಿತ್ತು. ವಿಚಾರಣೆಯ ವೇಳೆ ಇಸ್ರೇಲ್ ಹಾಗೂ ಸ್ಥಳೀಯ ಮಹಿಳೆ ಸೇರಿ ಇಬ್ಬರ ಮೇಲೂ ಅತ್ಯಾಚಾರ ಮಾಡಲಾಗಿದೆ ಎಂದು ಆರೋಪಿಗಳು ಒಪ್ಪಿಕೊಂಡಿದ್ದಾರೆ ಎಂದು ಸುದ್ದಿಗೋಷ್ಠಿಯಲ್ಲಿ ಎಸ್‌ಪಿ ತಿಳಿಸಿದ್ದಾರೆ. ಇದಕ್ಕೂ ಮುನ್ನ ಘಟನಾ ಸ್ಥಳಕ್ಕೆ ಸಚಿವ ಶಿವರಾಜ ತಂಗಡಗಿ ಹಾಗೂ ಹಂಪಿ ಶಾಸಕ ಹೆಮಂತಕುಮಾರ್ ಡಿವೈಎಸ್ಪಿ ಸಿದ್ದಲಿಂಗಪ್ಪಗೌಡ ಪಾಟೀಲ್ ಸೇರಿದಂತೆ ಹಲವರು ಭೇಟಿ ನೀಡಿದರು.
ಮಹಿಳೆಯರ ಸಾಧನೆಗೆ ಶಿಕ್ಷಣ
ಬಹು ಮುಖ್ಯ: ಕೆ.ವಿಜಯಲಕ್ಷ್ಮೀ
ಬದಲಾವಣೆ ಸುದ್ದಿ
ಮಾನ್ವಿ: ಪಟ್ಟಣದ ನೇತಾಜಿ ಶಿಕ್ಷಣ ಸಂಸ್ಥೆಯ ಅವರಣದಲ್ಲಿ ವಿಶ್ವ ಮಹಿಳಾ ದಿನಾಚರಣೆ ಅಂಗವಾಗಿ ಅಂತಾರಾಷ್ಟ್ರೀಯ ಮಹಿಳಾ ದಿನಾ ಚರಣೆ ಕಾರ್ಯಕ್ರಮವನ್ನು ನೇತಾಜಿ ಶಿಕ್ಷಣ ಸಂಸ್ಥೆಯ ಕಾರ್ಯದರ್ಶಿ ಕೆ.ವಿಜಯಲಕ್ಷ್ಮೀ ಅವರು ಉದ್ಘಾಟಿಸಿ ಮಾತನಾಡಿ ಮಹಿಳೆಯರ ಸಾಧನೆಗೆ ಶಿಕ್ಷಣ ಬಹು ಮುಖ್ಯವಾಗಿದೆ. ಶಿಕ್ಷಣ ಪಡೆದು ಸ್ವಾವಲಂಬಿ ಜೀವನ ನಡೆಸಬೇಕು, ಸಮಾಜದಲ್ಲಿ ಗೌರವದಿಂದ ಬಾಳಬೇಕು ಎಂದು ತಿಳಿಸಿದರು. ಕ್ರೀಡೆಗಳಲ್ಲಿ ಕೊಡ ಸ್ಪರ್ಧೆ ಗೆದ್ದಿದ್ದಾರೆ. ಇಂದಿನ ಸಮಾಜದಲ್ಲಿ ಮಹಿಳೆಯರು ಸಕ್ರಿಯವಾಗಿ ಭಾಗವಹಿಸುತ್ತಿದ್ದಾರೆ.
ಅಸ್ತಿವಾರಿಗೆ ಎಂದು ಹೇಳಿದರು. ಸಂಸ್ಥೆಯ ಅಧ್ಯಕ್ಷ ಕೆ.ಈ.ನರಸಿಂಹ ಮಾತನಾಡಿ ಪ್ರತಿಯೊಬ್ಬ ಮಹಿಳೆಯರನ್ನು ಗೌರವಿಸಬೇಕು, ಅವರಿಗೆ ಸಮಾಜದಲ್ಲಿ ಉತ್ತಮ ಸ್ಥಾನಮಾನವನ್ನು ದೊರೆಯುವಂತೆ ಪ್ರೋತ್ಸಾಹಿಸಬೇಕು. ಮಹಿಳೆಯರು ಪುರುಷರಿಗೆ ಸಮಾನವಾಗಿ ಎಲ್ಲಾ ಕ್ಷೇತ್ರಗಳಲ್ಲಿ ಸಾಧನೆ ಮಾಡುತ್ತಿದ್ದಾರೆ ಎಂದರು. ಈ ಸಂದರ್ಭದಲ್ಲಿ ಸಂಸ್ಥೆಯ ಎಲ್ಲಾ ಮಹಿಳಾ ಶಿಕ್ಷಕಿಯರನ್ನು ಮತ್ತು ಉಪನ್ಯಾಸಕರನ್ನು ಸನ್ಮಾನಿಸಿ ಗೌರವಿಸಲಾಯಿತು. ಕಾರ್ಯಕ್ರಮದಲ್ಲಿ ಅನೇಕರು ಉಪಸ್ಥಿತರಿದ್ದರು.
